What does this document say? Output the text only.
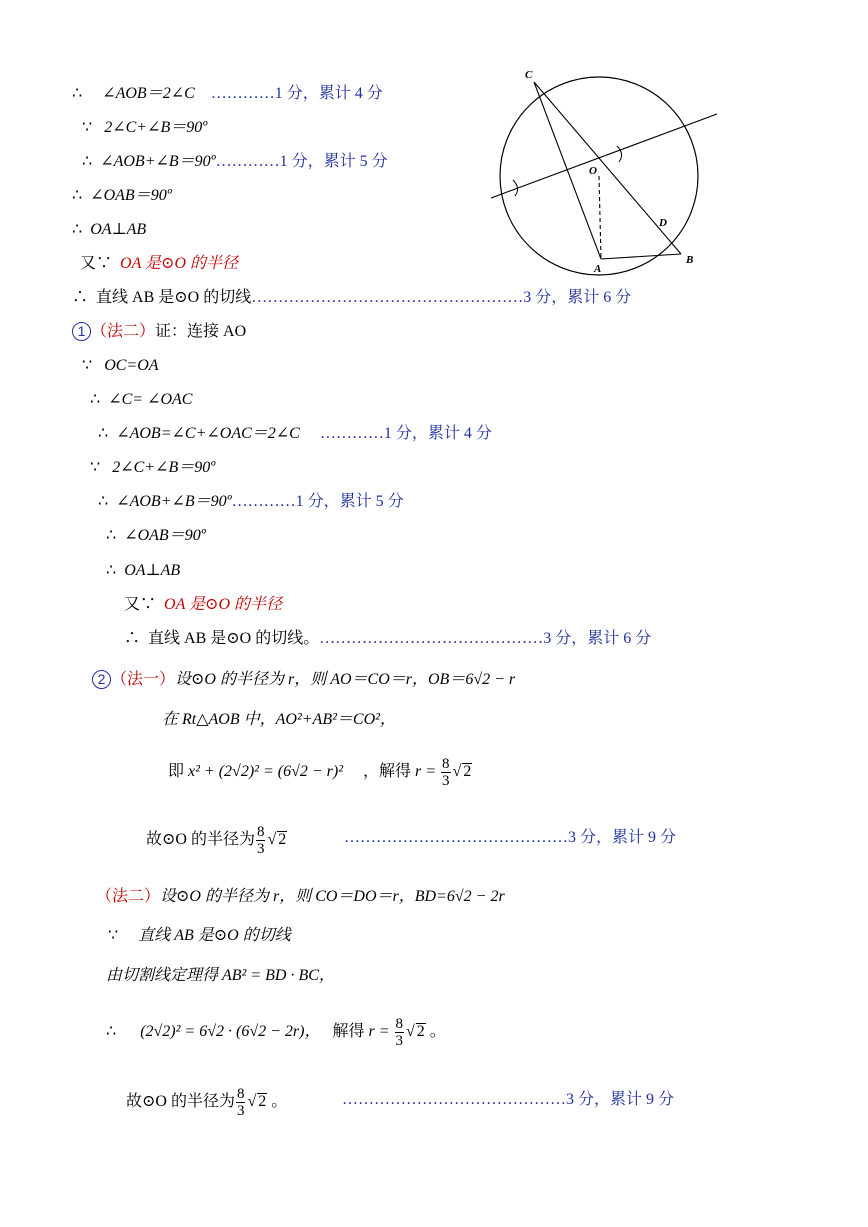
C
O
D
A
B
∴ ∠AOB＝2∠C …………1 分，累计 4 分
∵ 2∠C+∠B＝90º
∴ ∠AOB+∠B＝90º…………1 分，累计 5 分
∴ ∠OAB＝90º
∴ OA⊥AB
又∵ OA 是⊙O 的半径
∴ 直线 AB 是⊙O 的切线……………………………………………3 分，累计 6 分
1 （法二）证：连接 AO
∵ OC=OA
∴ ∠C= ∠OAC
∴ ∠AOB=∠C+∠OAC＝2∠C …………1 分，累计 4 分
∵ 2∠C+∠B＝90º
∴ ∠AOB+∠B＝90º…………1 分，累计 5 分
∴ ∠OAB＝90º
∴ OA⊥AB
又∵ OA 是⊙O 的半径
∴ 直线 AB 是⊙O 的切线。……………………………………3 分，累计 6 分
2 （法一）设⊙O 的半径为 r，则 AO＝CO＝r，OB＝6√2 − r
在 Rt△AOB 中，AO²+AB²＝CO²，
即 x² + (2√2)² = (6√2 − r)² ，解得 $r = \frac{8}{3}$ √ 2
故⊙O 的半径为 $\frac{8}{3}$ √ 2	……………………………………3 分，累计 9 分
（法二）设⊙O 的半径为 r，则 CO＝DO＝r，BD=6√2 − 2r
∵ 直线 AB 是⊙O 的切线
由切割线定理得 AB² = BD · BC，
∴ (2√2)² = 6√2 · (6√2 − 2r)， 解得 $r = \frac{8}{3}$ √ 2 。
故⊙O 的半径为 $\frac{8}{3}$ √ 2 。	……………………………………3 分，累计 9 分
